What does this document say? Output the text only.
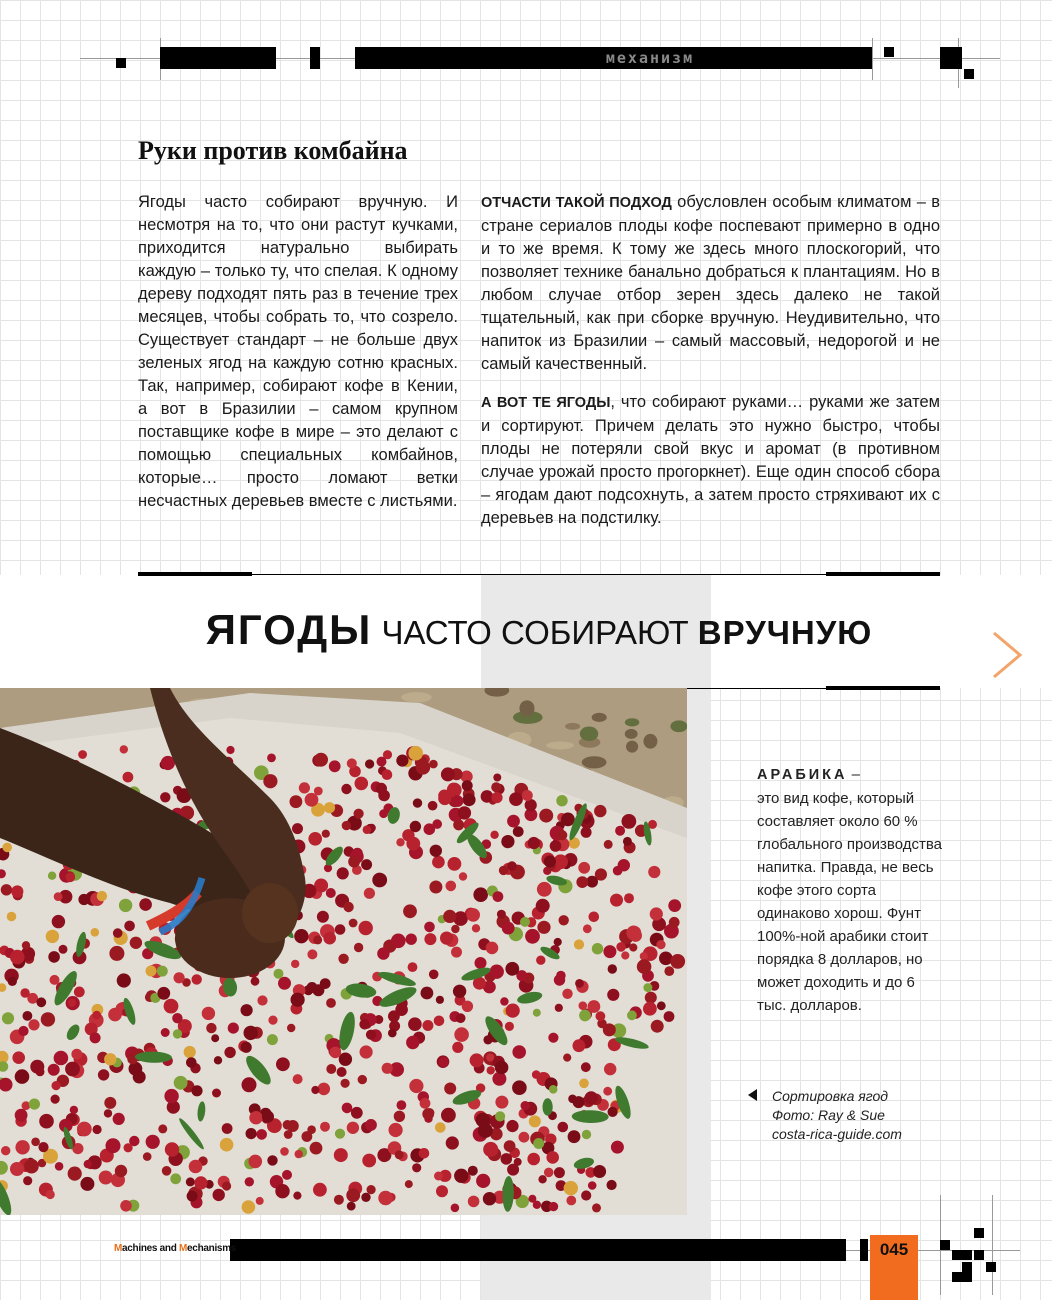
механизм
Руки против комбайна
Ягоды часто собирают вручную. И несмотря на то, что они растут кучками, приходится натурально выбирать каждую – только ту, что спелая. К одному дереву подходят пять раз в течение трех месяцев, чтобы собрать то, что созрело. Существует стандарт – не больше двух зеленых ягод на каждую сотню красных. Так, например, собирают кофе в Кении, а вот в Бразилии – самом крупном поставщике кофе в мире – это делают с помощью специальных комбайнов, которые… просто ломают ветки несчастных деревьев вместе с листьями.

ОТЧАСТИ ТАКОЙ ПОДХОД обусловлен особым климатом – в стране сериалов плоды кофе поспевают примерно в одно и то же время. К тому же здесь много плоскогорий, что позволяет технике банально добраться к плантациям. Но в любом случае отбор зерен здесь далеко не такой тщательный, как при сборке вручную. Неудивительно, что напиток из Бразилии – самый массовый, недорогой и не самый качественный.

А ВОТ ТЕ ЯГОДЫ, что собирают руками… руками же затем и сортируют. Причем делать это нужно быстро, чтобы плоды не потеряли свой вкус и аромат (в противном случае урожай просто прогоркнет). Еще один способ сбора – ягодам дают подсохнуть, а затем просто стряхивают их с деревьев на подстилку.

ЯГОДЫ ЧАСТО СОБИРАЮТ ВРУЧНУЮ
АРАБИКА –
это вид кофе, который составляет около 60 % глобального производства напитка. Правда, не весь кофе этого сорта одинаково хорош. Фунт 100%-ной арабики стоит порядка 8 долларов, но может доходить и до 6 тыс. долларов.
Сортировка ягод
Фото: Ray & Sue
costa-rica-guide.com
Machines and Mechanisms	045
